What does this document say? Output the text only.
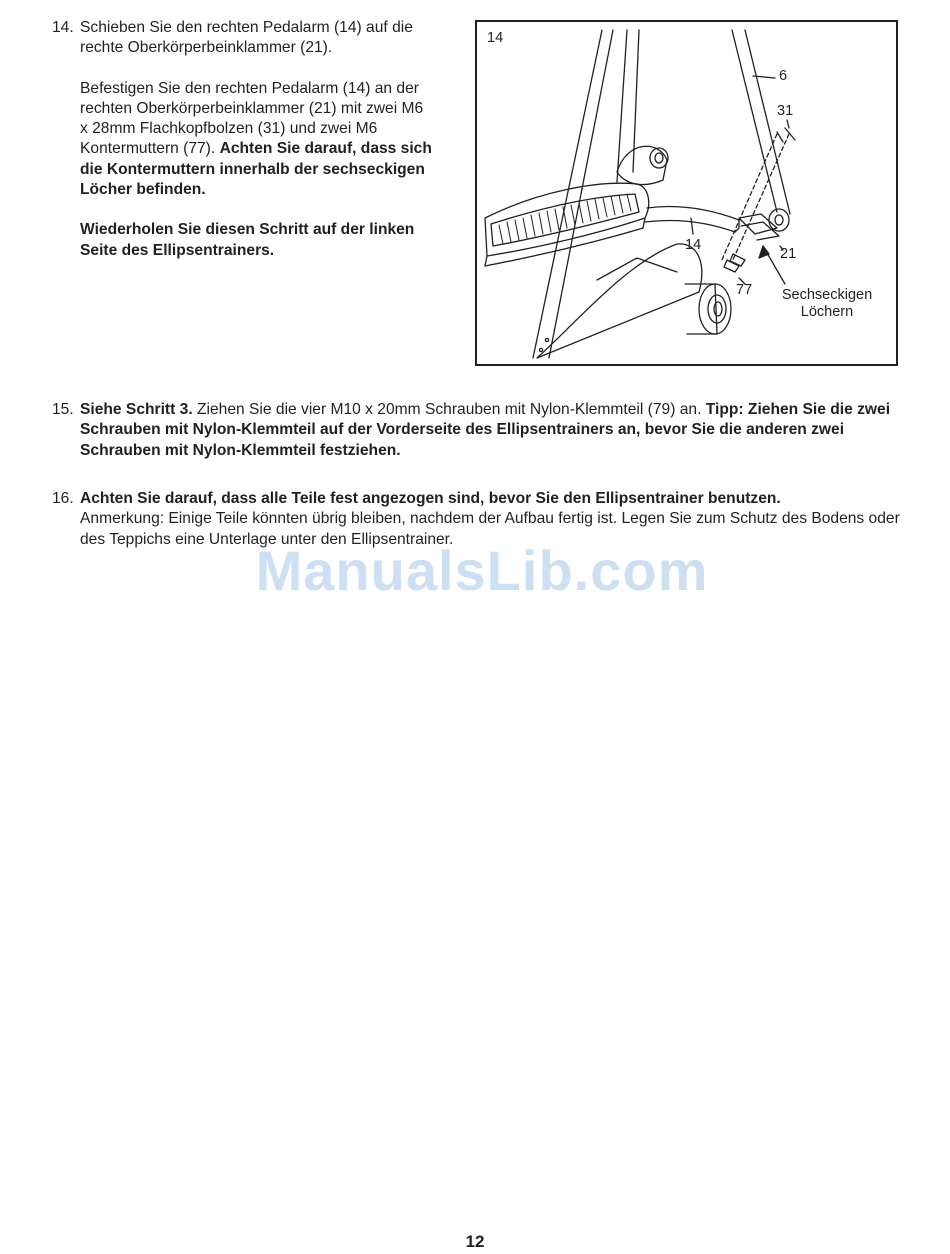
14. Schieben Sie den rechten Pedalarm (14) auf die rechte Oberkörperbeinklammer (21).

Befestigen Sie den rechten Pedalarm (14) an der rechten Oberkörperbeinklammer (21) mit zwei M6 x 28mm Flachkopfbolzen (31) und zwei M6 Kontermuttern (77). Achten Sie darauf, dass sich die Kontermuttern innerhalb der sechseckigen Löcher befinden.

Wiederholen Sie diesen Schritt auf der linken Seite des Ellipsentrainers.

14
6
31
14
21
77	Sechseckigen Löchern
15. Siehe Schritt 3. Ziehen Sie die vier M10 x 20mm Schrauben mit Nylon-Klemmteil (79) an. Tipp: Ziehen Sie die zwei Schrauben mit Nylon-Klemmteil auf der Vorderseite des Ellipsentrainers an, bevor Sie die anderen zwei Schrauben mit Nylon-Klemmteil festziehen.

16. Achten Sie darauf, dass alle Teile fest angezogen sind, bevor Sie den Ellipsentrainer benutzen.
Anmerkung: Einige Teile könnten übrig bleiben, nachdem der Aufbau fertig ist. Legen Sie zum Schutz des Bodens oder des Teppichs eine Unterlage unter den Ellipsentrainer.

ManualsLib.com
12
